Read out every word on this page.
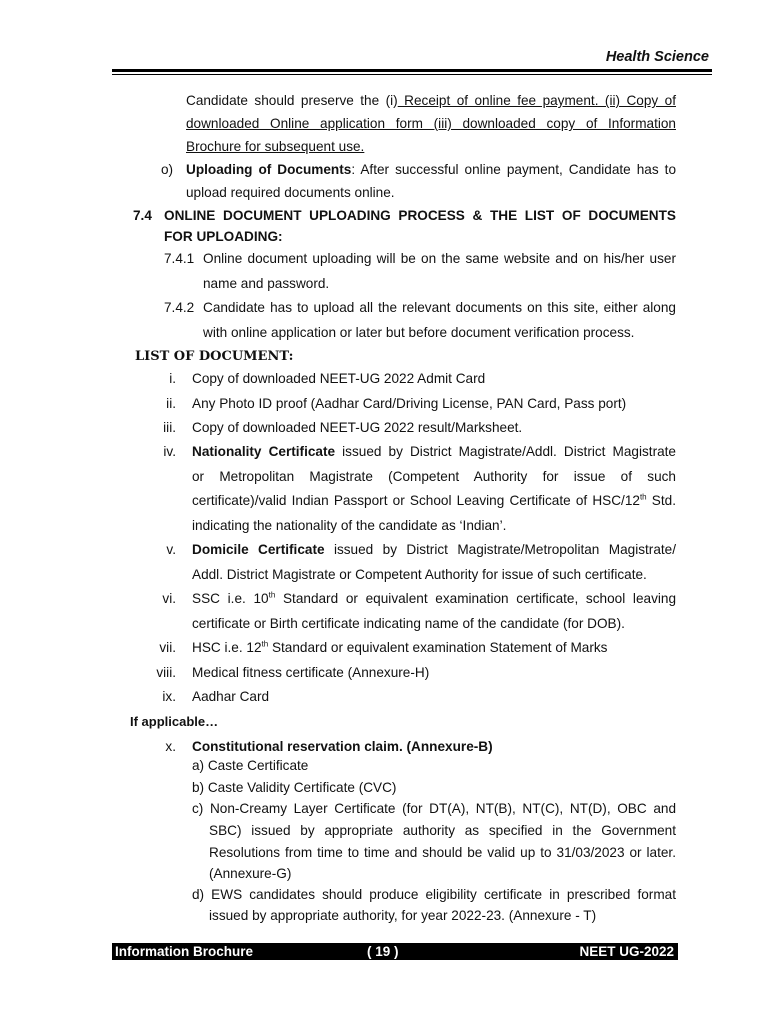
Health Science
Candidate should preserve the (i) Receipt of online fee payment. (ii) Copy of
downloaded Online application form (iii) downloaded copy of Information
Brochure for subsequent use.
o) Uploading of Documents: After successful online payment, Candidate has to
upload required documents online.
7.4 ONLINE DOCUMENT UPLOADING PROCESS & THE LIST OF DOCUMENTS
FOR UPLOADING:
7.4.1 Online document uploading will be on the same website and on his/her user
name and password.
7.4.2 Candidate has to upload all the relevant documents on this site, either along
with online application or later but before document verification process.
LIST OF DOCUMENT:
i. Copy of downloaded NEET-UG 2022 Admit Card
ii. Any Photo ID proof (Aadhar Card/Driving License, PAN Card, Pass port)
iii. Copy of downloaded NEET-UG 2022 result/Marksheet.
iv. Nationality Certificate issued by District Magistrate/Addl. District Magistrate
or Metropolitan Magistrate (Competent Authority for issue of such
certificate)/valid Indian Passport or School Leaving Certificate of HSC/12th Std.
indicating the nationality of the candidate as ‘Indian’.
v. Domicile Certificate issued by District Magistrate/Metropolitan Magistrate/
Addl. District Magistrate or Competent Authority for issue of such certificate.
vi. SSC i.e. 10th Standard or equivalent examination certificate, school leaving
certificate or Birth certificate indicating name of the candidate (for DOB).
vii. HSC i.e. 12th Standard or equivalent examination Statement of Marks
viii. Medical fitness certificate (Annexure-H)
ix. Aadhar Card
If applicable…
x. Constitutional reservation claim. (Annexure-B)
a) Caste Certificate
b) Caste Validity Certificate (CVC)
c) Non-Creamy Layer Certificate (for DT(A), NT(B), NT(C), NT(D), OBC and
SBC) issued by appropriate authority as specified in the Government
Resolutions from time to time and should be valid up to 31/03/2023 or later.
(Annexure-G)
d) EWS candidates should produce eligibility certificate in prescribed format
issued by appropriate authority, for year 2022-23. (Annexure - T)
Information Brochure	( 19 )	NEET UG-2022
